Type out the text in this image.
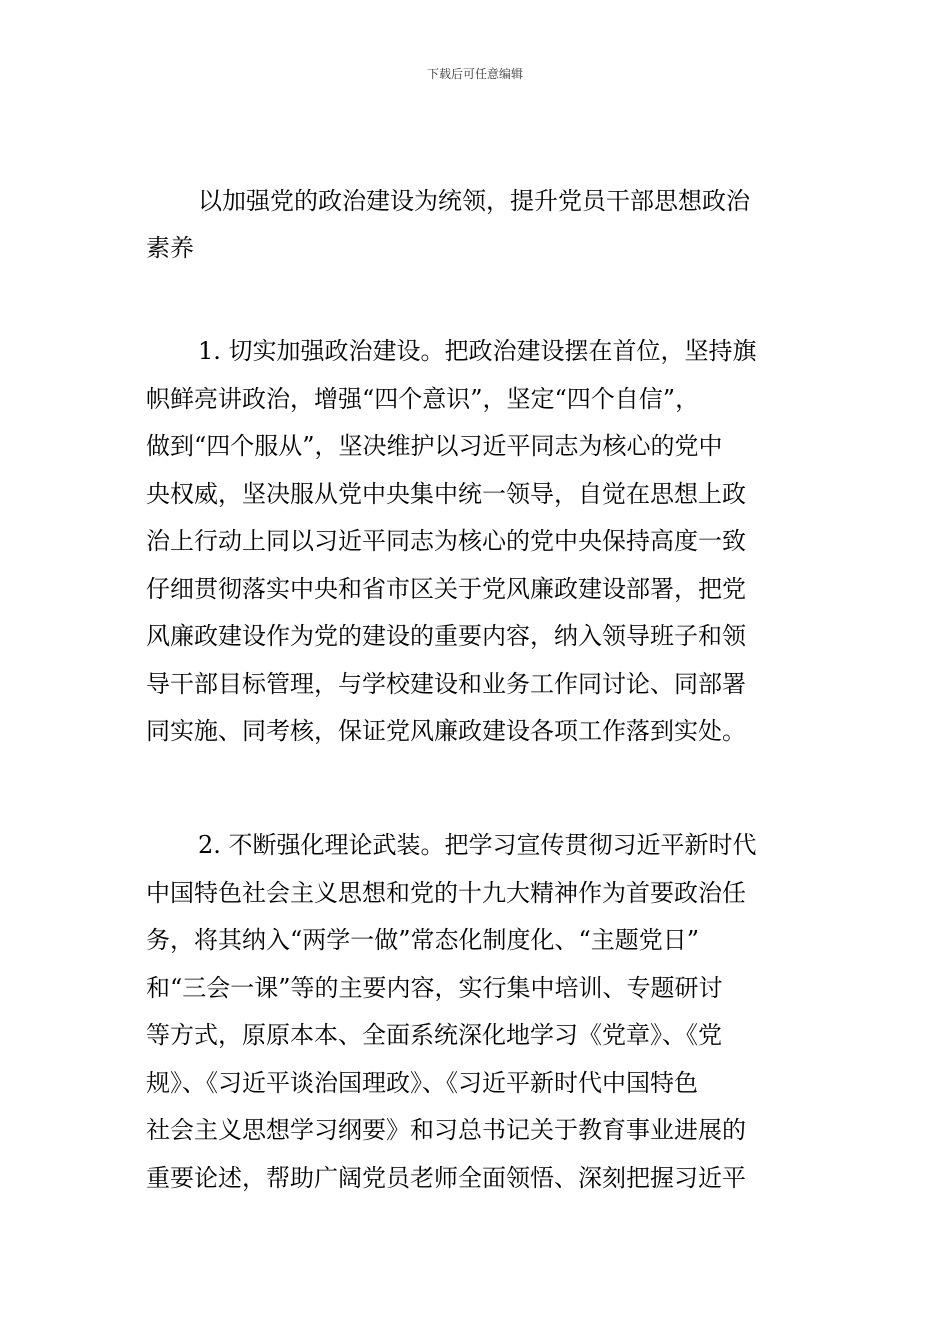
下载后可任意编辑
以加强党的政治建设为统领，提升党员干部思想政治
素养
1. 切实加强政治建设。把政治建设摆在首位，坚持旗
帜鲜亮讲政治，增强“四个意识”，坚定“四个自信”，
做到“四个服从”，坚决维护以习近平同志为核心的党中
央权威，坚决服从党中央集中统一领导，自觉在思想上政
治上行动上同以习近平同志为核心的党中央保持高度一致
仔细贯彻落实中央和省市区关于党风廉政建设部署，把党
风廉政建设作为党的建设的重要内容，纳入领导班子和领
导干部目标管理，与学校建设和业务工作同讨论、同部署
同实施、同考核，保证党风廉政建设各项工作落到实处。
2. 不断强化理论武装。把学习宣传贯彻习近平新时代
中国特色社会主义思想和党的十九大精神作为首要政治任
务，将其纳入“两学一做”常态化制度化、“主题党日”
和“三会一课”等的主要内容，实行集中培训、专题研讨
等方式，原原本本、全面系统深化地学习《党章》、《党
规》、《习近平谈治国理政》、《习近平新时代中国特色
社会主义思想学习纲要》和习总书记关于教育事业进展的
重要论述，帮助广阔党员老师全面领悟、深刻把握习近平
